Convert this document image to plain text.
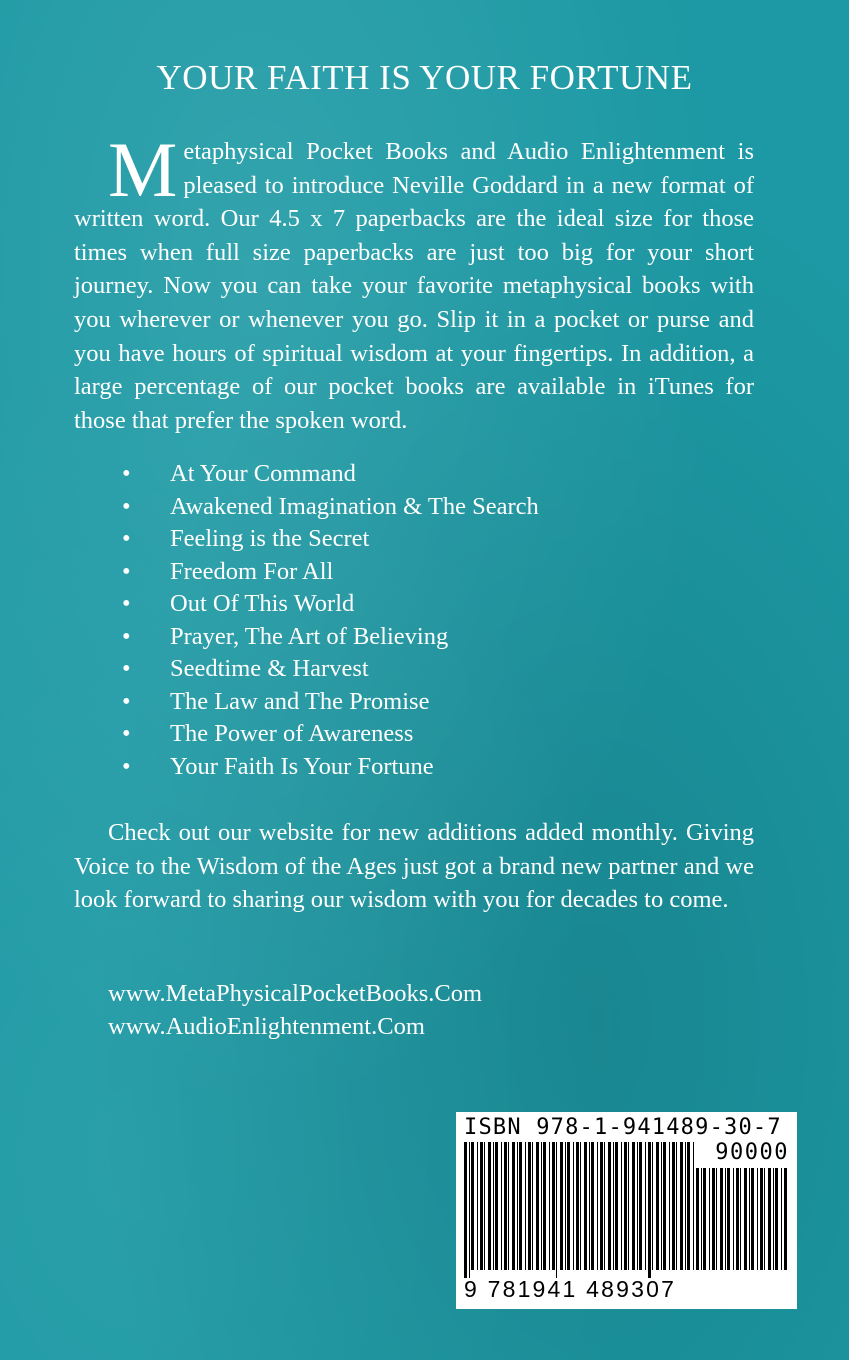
YOUR FAITH IS YOUR FORTUNE
Metaphysical Pocket Books and Audio Enlightenment is pleased to introduce Neville Goddard in a new format of written word. Our 4.5 x 7 paperbacks are the ideal size for those times when full size paperbacks are just too big for your short journey. Now you can take your favorite metaphysical books with you wherever or whenever you go. Slip it in a pocket or purse and you have hours of spiritual wisdom at your fingertips. In addition, a large percentage of our pocket books are available in iTunes for those that prefer the spoken word.
• At Your Command
• Awakened Imagination & The Search
• Feeling is the Secret
• Freedom For All
• Out Of This World
• Prayer, The Art of Believing
• Seedtime & Harvest
• The Law and The Promise
• The Power of Awareness
• Your Faith Is Your Fortune
Check out our website for new additions added monthly. Giving Voice to the Wisdom of the Ages just got a brand new partner and we look forward to sharing our wisdom with you for decades to come.
www.MetaPhysicalPocketBooks.Com
www.AudioEnlightenment.Com
ISBN 978-1-941489-30-7
90000
9 781941 489307
